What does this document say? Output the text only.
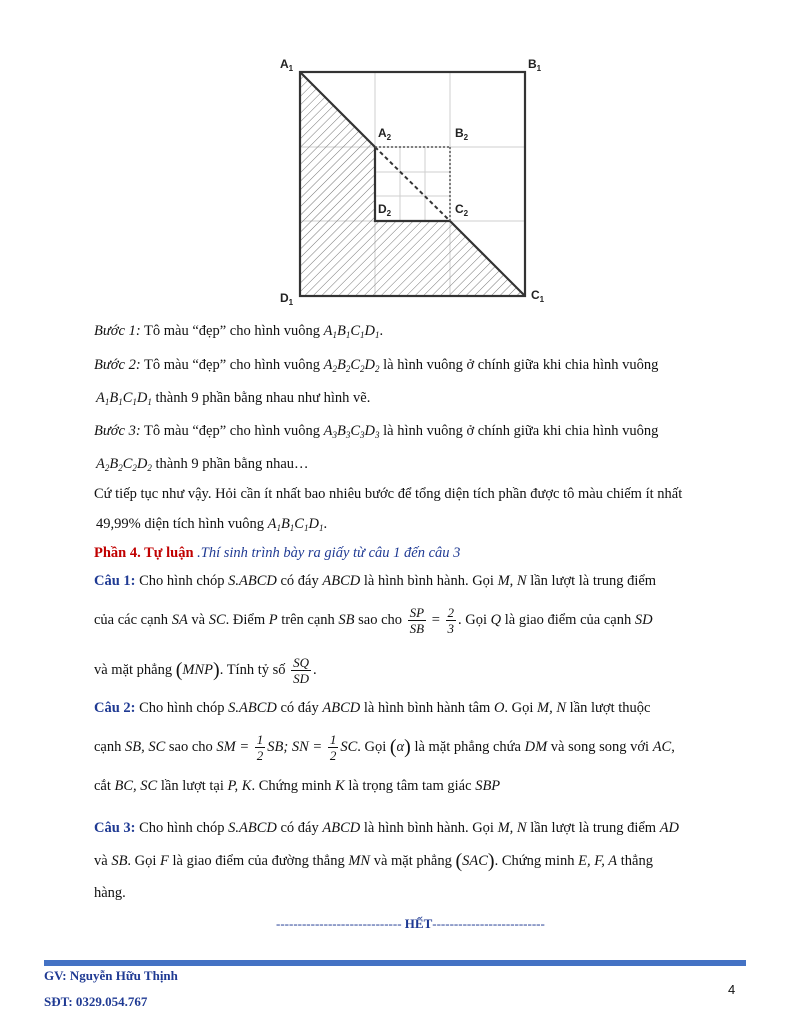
$A_1$	$B_1$
$C_1$
$D_1$
$A_2$	$B_2$
$C_2$
$D_2$
Bước 1: Tô màu “đẹp” cho hình vuông $A_1B_1C_1D_1$.
Bước 2: Tô màu “đẹp” cho hình vuông $A_2B_2C_2D_2$ là hình vuông ở chính giữa khi chia hình vuông
$A_1B_1C_1D_1$ thành 9 phần bằng nhau như hình vẽ.
Bước 3: Tô màu “đẹp” cho hình vuông $A_3B_3C_3D_3$ là hình vuông ở chính giữa khi chia hình vuông
$A_2B_2C_2D_2$ thành 9 phần bằng nhau…
Cứ tiếp tục như vậy. Hỏi cần ít nhất bao nhiêu bước để tổng diện tích phần được tô màu chiếm ít nhất
49,99% diện tích hình vuông $A_1B_1C_1D_1$.
Phần 4. Tự luận .Thí sinh trình bày ra giấy từ câu 1 đến câu 3
Câu 1: Cho hình chóp S.ABCD có đáy ABCD là hình bình hành. Gọi M, N lần lượt là trung điểm
của các cạnh SA và SC. Điểm P trên cạnh SB sao cho $\frac{SP}{SB} = \frac{2}{3}$ . Gọi Q là giao điểm của cạnh SD
và mặt phẳng (MNP). Tính tỷ số $\frac{SQ}{SD}$ .
Câu 2: Cho hình chóp S.ABCD có đáy ABCD là hình bình hành tâm O. Gọi M, N lần lượt thuộc
cạnh SB, SC sao cho SM = $\frac{1}{2}$ SB; SN = $\frac{1}{2}$ SC. Gọi (α) là mặt phẳng chứa DM và song song với AC,
cắt BC, SC lần lượt tại P, K. Chứng minh K là trọng tâm tam giác SBP
Câu 3: Cho hình chóp S.ABCD có đáy ABCD là hình bình hành. Gọi M, N lần lượt là trung điểm AD
và SB. Gọi F là giao điểm của đường thẳng MN và mặt phẳng (SAC). Chứng minh E, F, A thẳng
hàng.
----------------------------- HẾT--------------------------
GV: Nguyễn Hữu Thịnh
SĐT: 0329.054.767
4
